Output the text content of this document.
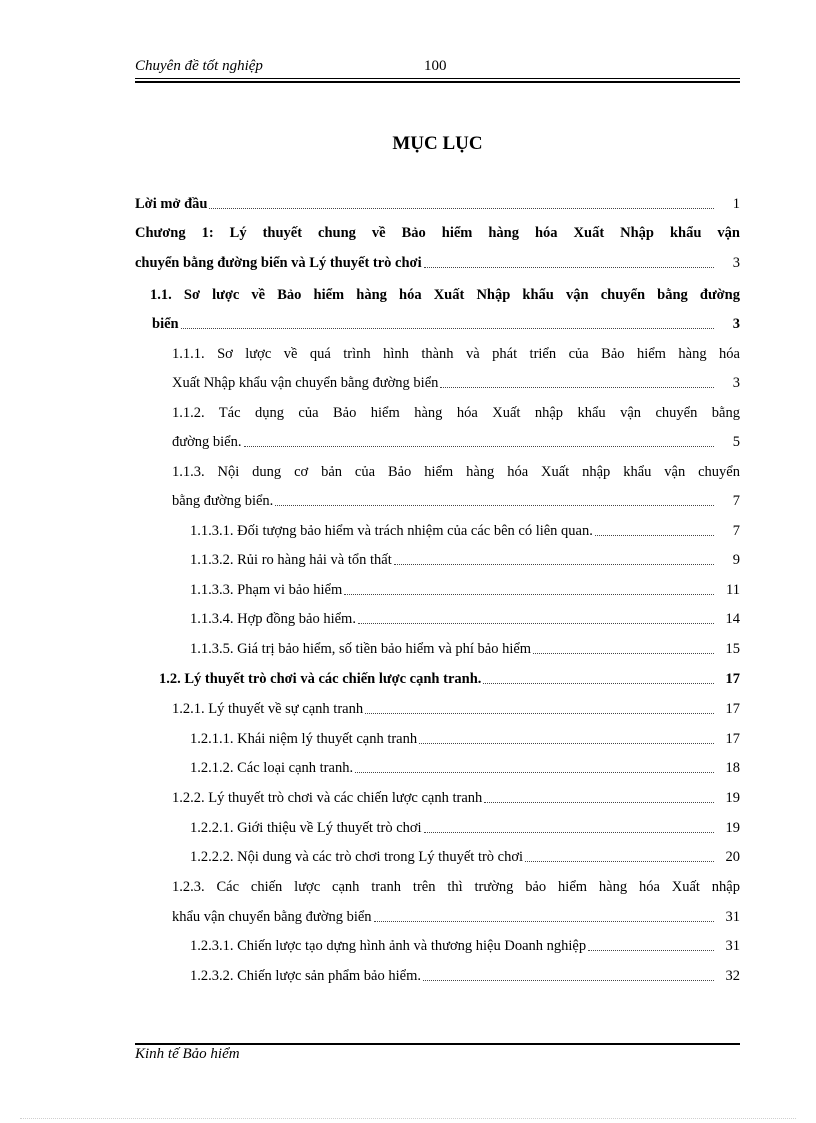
Chuyên đề tốt nghiệp	100
MỤC LỤC
Lời mở đầu	1
Chương 1: Lý thuyết chung về Bảo hiểm hàng hóa Xuất Nhập khẩu vận
chuyển bằng đường biển và Lý thuyết trò chơi	3
1.1. Sơ lược về Bảo hiểm hàng hóa Xuất Nhập khẩu vận chuyển bằng đường
biển	3
1.1.1. Sơ lược về quá trình hình thành và phát triển của Bảo hiểm hàng hóa
Xuất Nhập khẩu vận chuyển bằng đường biển	3
1.1.2. Tác dụng của Bảo hiểm hàng hóa Xuất nhập khẩu vận chuyển bằng
đường biển.	5
1.1.3. Nội dung cơ bản của Bảo hiểm hàng hóa Xuất nhập khẩu vận chuyển
bằng đường biển.	7
1.1.3.1. Đối tượng bảo hiểm và trách nhiệm của các bên có liên quan.	7
1.1.3.2. Rủi ro hàng hải và tổn thất	9
1.1.3.3. Phạm vi bảo hiểm	11
1.1.3.4. Hợp đồng bảo hiểm.	14
1.1.3.5. Giá trị bảo hiểm, số tiền bảo hiểm và phí bảo hiểm	15
1.2. Lý thuyết trò chơi và các chiến lược cạnh tranh.	17
1.2.1. Lý thuyết về sự cạnh tranh	17
1.2.1.1. Khái niệm lý thuyết cạnh tranh	17
1.2.1.2. Các loại cạnh tranh.	18
1.2.2. Lý thuyết trò chơi và các chiến lược cạnh tranh	19
1.2.2.1. Giới thiệu về Lý thuyết trò chơi	19
1.2.2.2. Nội dung và các trò chơi trong Lý thuyết trò chơi	20
1.2.3. Các chiến lược cạnh tranh trên thì trường bảo hiểm hàng hóa Xuất nhập
khẩu vận chuyển bằng đường biển	31
1.2.3.1. Chiến lược tạo dựng hình ảnh và thương hiệu Doanh nghiệp	31
1.2.3.2. Chiến lược sản phẩm bảo hiểm.	32
Kinh tế Bảo hiểm
